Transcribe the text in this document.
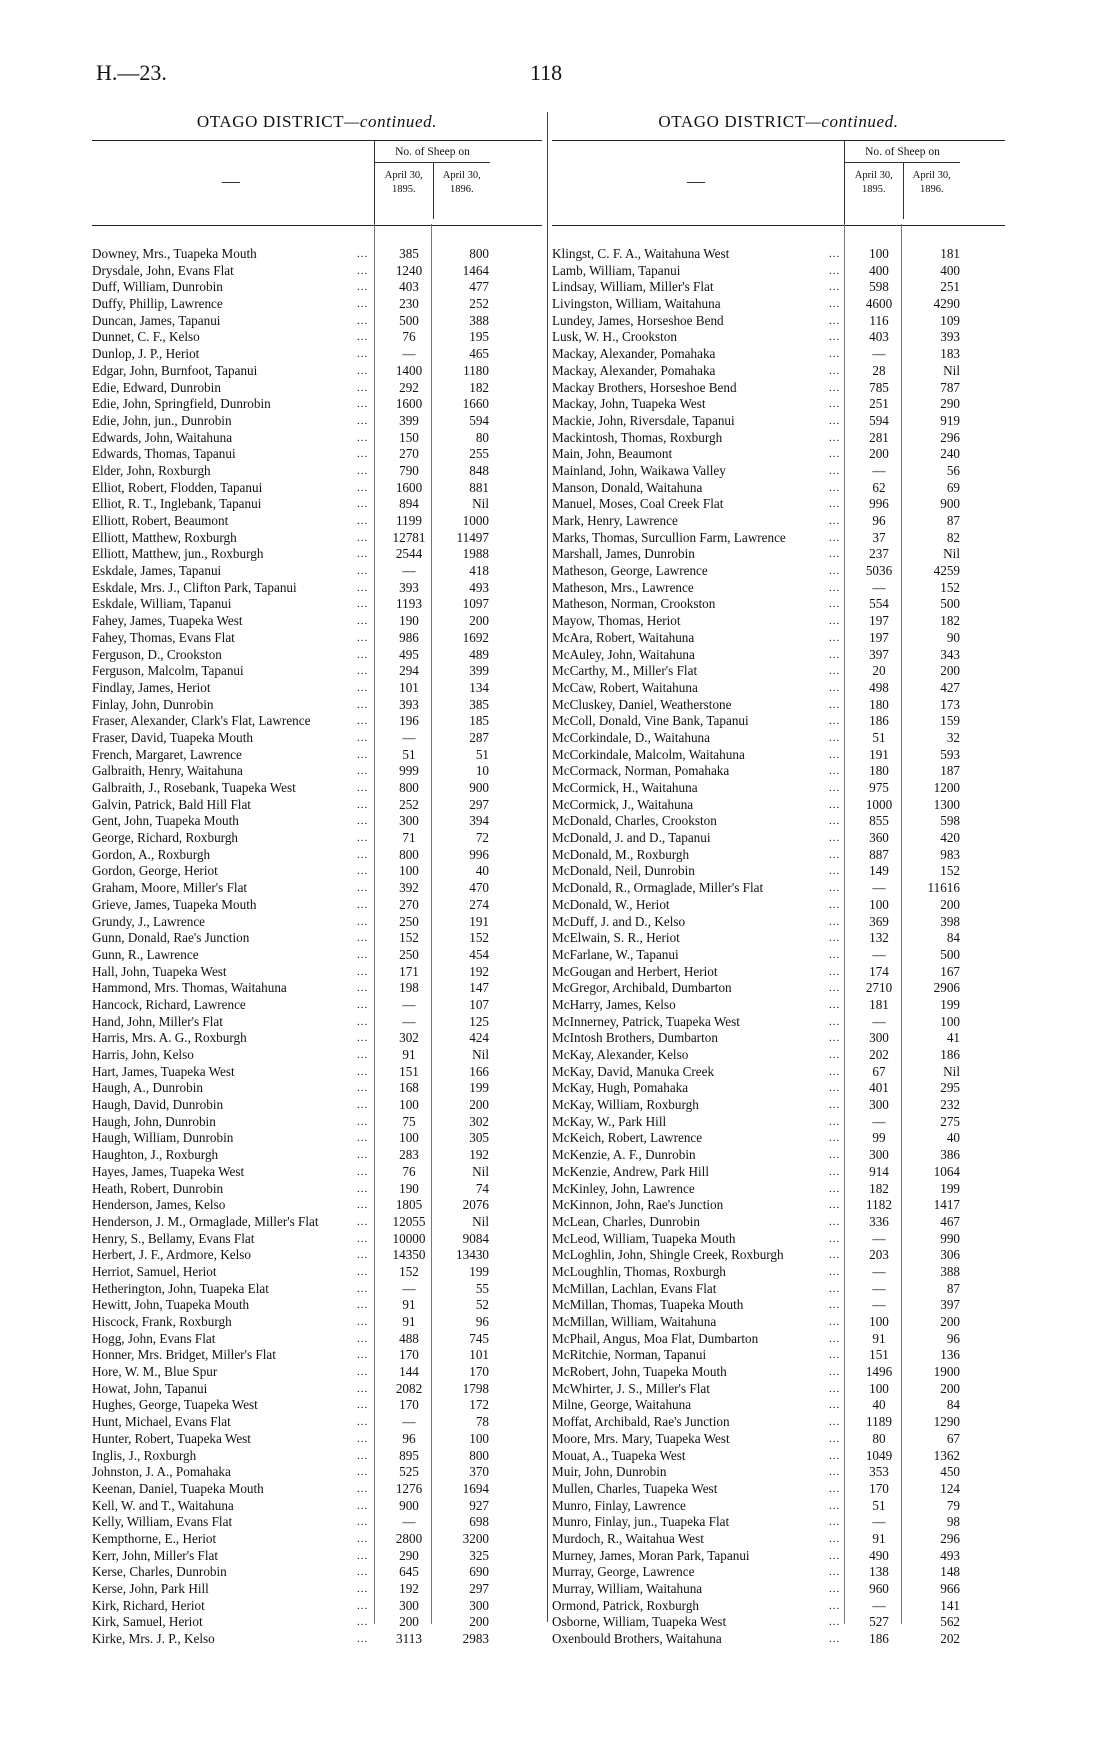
H.—23.	118
OTAGO DISTRICT—continued.
—
No. of Sheep on
April 30, 1895.
April 30, 1896.
...
Downey, Mrs., Tuapeka Mouth	385	800
...
Drysdale, John, Evans Flat	1240	1464
...
Duff, William, Dunrobin	403	477
...
Duffy, Phillip, Lawrence	230	252
...
Duncan, James, Tapanui	500	388
...
Dunnet, C. F., Kelso	76	195
...
Dunlop, J. P., Heriot	—	465
...
Edgar, John, Burnfoot, Tapanui	1400	1180
...
Edie, Edward, Dunrobin	292	182
...
Edie, John, Springfield, Dunrobin	1600	1660
...
Edie, John, jun., Dunrobin	399	594
...
Edwards, John, Waitahuna	150	80
...
Edwards, Thomas, Tapanui	270	255
...
Elder, John, Roxburgh	790	848
...
Elliot, Robert, Flodden, Tapanui	1600	881
...
Elliot, R. T., Inglebank, Tapanui	894	Nil
...
Elliott, Robert, Beaumont	1199	1000
...
Elliott, Matthew, Roxburgh	12781	11497
...
Elliott, Matthew, jun., Roxburgh	2544	1988
...
Eskdale, James, Tapanui	—	418
...
Eskdale, Mrs. J., Clifton Park, Tapanui	393	493
...
Eskdale, William, Tapanui	1193	1097
...
Fahey, James, Tuapeka West	190	200
...
Fahey, Thomas, Evans Flat	986	1692
...
Ferguson, D., Crookston	495	489
...
Ferguson, Malcolm, Tapanui	294	399
...
Findlay, James, Heriot	101	134
...
Finlay, John, Dunrobin	393	385
...
Fraser, Alexander, Clark's Flat, Lawrence	196	185
...
Fraser, David, Tuapeka Mouth	—	287
...
French, Margaret, Lawrence	51	51
...
Galbraith, Henry, Waitahuna	999	10
...
Galbraith, J., Rosebank, Tuapeka West	800	900
...
Galvin, Patrick, Bald Hill Flat	252	297
...
Gent, John, Tuapeka Mouth	300	394
...
George, Richard, Roxburgh	71	72
...
Gordon, A., Roxburgh	800	996
...
Gordon, George, Heriot	100	40
...
Graham, Moore, Miller's Flat	392	470
...
Grieve, James, Tuapeka Mouth	270	274
...
Grundy, J., Lawrence	250	191
...
Gunn, Donald, Rae's Junction	152	152
...
Gunn, R., Lawrence	250	454
...
Hall, John, Tuapeka West	171	192
...
Hammond, Mrs. Thomas, Waitahuna	198	147
...
Hancock, Richard, Lawrence	—	107
...
Hand, John, Miller's Flat	—	125
...
Harris, Mrs. A. G., Roxburgh	302	424
...
Harris, John, Kelso	91	Nil
...
Hart, James, Tuapeka West	151	166
...
Haugh, A., Dunrobin	168	199
...
Haugh, David, Dunrobin	100	200
...
Haugh, John, Dunrobin	75	302
...
Haugh, William, Dunrobin	100	305
...
Haughton, J., Roxburgh	283	192
...
Hayes, James, Tuapeka West	76	Nil
...
Heath, Robert, Dunrobin	190	74
...
Henderson, James, Kelso	1805	2076
...
Henderson, J. M., Ormaglade, Miller's Flat	12055	Nil
...
Henry, S., Bellamy, Evans Flat	10000	9084
...
Herbert, J. F., Ardmore, Kelso	14350	13430
...
Herriot, Samuel, Heriot	152	199
...
Hetherington, John, Tuapeka Elat	—	55
...
Hewitt, John, Tuapeka Mouth	91	52
...
Hiscock, Frank, Roxburgh	91	96
...
Hogg, John, Evans Flat	488	745
...
Honner, Mrs. Bridget, Miller's Flat	170	101
...
Hore, W. M., Blue Spur	144	170
...
Howat, John, Tapanui	2082	1798
...
Hughes, George, Tuapeka West	170	172
...
Hunt, Michael, Evans Flat	—	78
...
Hunter, Robert, Tuapeka West	96	100
...
Inglis, J., Roxburgh	895	800
...
Johnston, J. A., Pomahaka	525	370
...
Keenan, Daniel, Tuapeka Mouth	1276	1694
...
Kell, W. and T., Waitahuna	900	927
...
Kelly, William, Evans Flat	—	698
...
Kempthorne, E., Heriot	2800	3200
...
Kerr, John, Miller's Flat	290	325
...
Kerse, Charles, Dunrobin	645	690
...
Kerse, John, Park Hill	192	297
...
Kirk, Richard, Heriot	300	300
...
Kirk, Samuel, Heriot	200	200
...
Kirke, Mrs. J. P., Kelso	3113	2983
OTAGO DISTRICT—continued.
—
No. of Sheep on
April 30, 1895.
April 30, 1896.
...
Klingst, C. F. A., Waitahuna West	100	181
...
Lamb, William, Tapanui	400	400
...
Lindsay, William, Miller's Flat	598	251
...
Livingston, William, Waitahuna	4600	4290
...
Lundey, James, Horseshoe Bend	116	109
...
Lusk, W. H., Crookston	403	393
...
Mackay, Alexander, Pomahaka	—	183
...
Mackay, Alexander, Pomahaka	28	Nil
...
Mackay Brothers, Horseshoe Bend	785	787
...
Mackay, John, Tuapeka West	251	290
...
Mackie, John, Riversdale, Tapanui	594	919
...
Mackintosh, Thomas, Roxburgh	281	296
...
Main, John, Beaumont	200	240
...
Mainland, John, Waikawa Valley	—	56
...
Manson, Donald, Waitahuna	62	69
...
Manuel, Moses, Coal Creek Flat	996	900
...
Mark, Henry, Lawrence	96	87
...
Marks, Thomas, Surcullion Farm, Lawrence	37	82
...
Marshall, James, Dunrobin	237	Nil
...
Matheson, George, Lawrence	5036	4259
...
Matheson, Mrs., Lawrence	—	152
...
Matheson, Norman, Crookston	554	500
...
Mayow, Thomas, Heriot	197	182
...
McAra, Robert, Waitahuna	197	90
...
McAuley, John, Waitahuna	397	343
...
McCarthy, M., Miller's Flat	20	200
...
McCaw, Robert, Waitahuna	498	427
...
McCluskey, Daniel, Weatherstone	180	173
...
McColl, Donald, Vine Bank, Tapanui	186	159
...
McCorkindale, D., Waitahuna	51	32
...
McCorkindale, Malcolm, Waitahuna	191	593
...
McCormack, Norman, Pomahaka	180	187
...
McCormick, H., Waitahuna	975	1200
...
McCormick, J., Waitahuna	1000	1300
...
McDonald, Charles, Crookston	855	598
...
McDonald, J. and D., Tapanui	360	420
...
McDonald, M., Roxburgh	887	983
...
McDonald, Neil, Dunrobin	149	152
...
McDonald, R., Ormaglade, Miller's Flat	—	11616
...
McDonald, W., Heriot	100	200
...
McDuff, J. and D., Kelso	369	398
...
McElwain, S. R., Heriot	132	84
...
McFarlane, W., Tapanui	—	500
...
McGougan and Herbert, Heriot	174	167
...
McGregor, Archibald, Dumbarton	2710	2906
...
McHarry, James, Kelso	181	199
...
McInnerney, Patrick, Tuapeka West	—	100
...
McIntosh Brothers, Dumbarton	300	41
...
McKay, Alexander, Kelso	202	186
...
McKay, David, Manuka Creek	67	Nil
...
McKay, Hugh, Pomahaka	401	295
...
McKay, William, Roxburgh	300	232
...
McKay, W., Park Hill	—	275
...
McKeich, Robert, Lawrence	99	40
...
McKenzie, A. F., Dunrobin	300	386
...
McKenzie, Andrew, Park Hill	914	1064
...
McKinley, John, Lawrence	182	199
...
McKinnon, John, Rae's Junction	1182	1417
...
McLean, Charles, Dunrobin	336	467
...
McLeod, William, Tuapeka Mouth	—	990
...
McLoghlin, John, Shingle Creek, Roxburgh	203	306
...
McLoughlin, Thomas, Roxburgh	—	388
...
McMillan, Lachlan, Evans Flat	—	87
...
McMillan, Thomas, Tuapeka Mouth	—	397
...
McMillan, William, Waitahuna	100	200
...
McPhail, Angus, Moa Flat, Dumbarton	91	96
...
McRitchie, Norman, Tapanui	151	136
...
McRobert, John, Tuapeka Mouth	1496	1900
...
McWhirter, J. S., Miller's Flat	100	200
...
Milne, George, Waitahuna	40	84
...
Moffat, Archibald, Rae's Junction	1189	1290
...
Moore, Mrs. Mary, Tuapeka West	80	67
...
Mouat, A., Tuapeka West	1049	1362
...
Muir, John, Dunrobin	353	450
...
Mullen, Charles, Tuapeka West	170	124
...
Munro, Finlay, Lawrence	51	79
...
Munro, Finlay, jun., Tuapeka Flat	—	98
...
Murdoch, R., Waitahua West	91	296
...
Murney, James, Moran Park, Tapanui	490	493
...
Murray, George, Lawrence	138	148
...
Murray, William, Waitahuna	960	966
...
Ormond, Patrick, Roxburgh	—	141
...
Osborne, William, Tuapeka West	527	562
...
Oxenbould Brothers, Waitahuna	186	202
